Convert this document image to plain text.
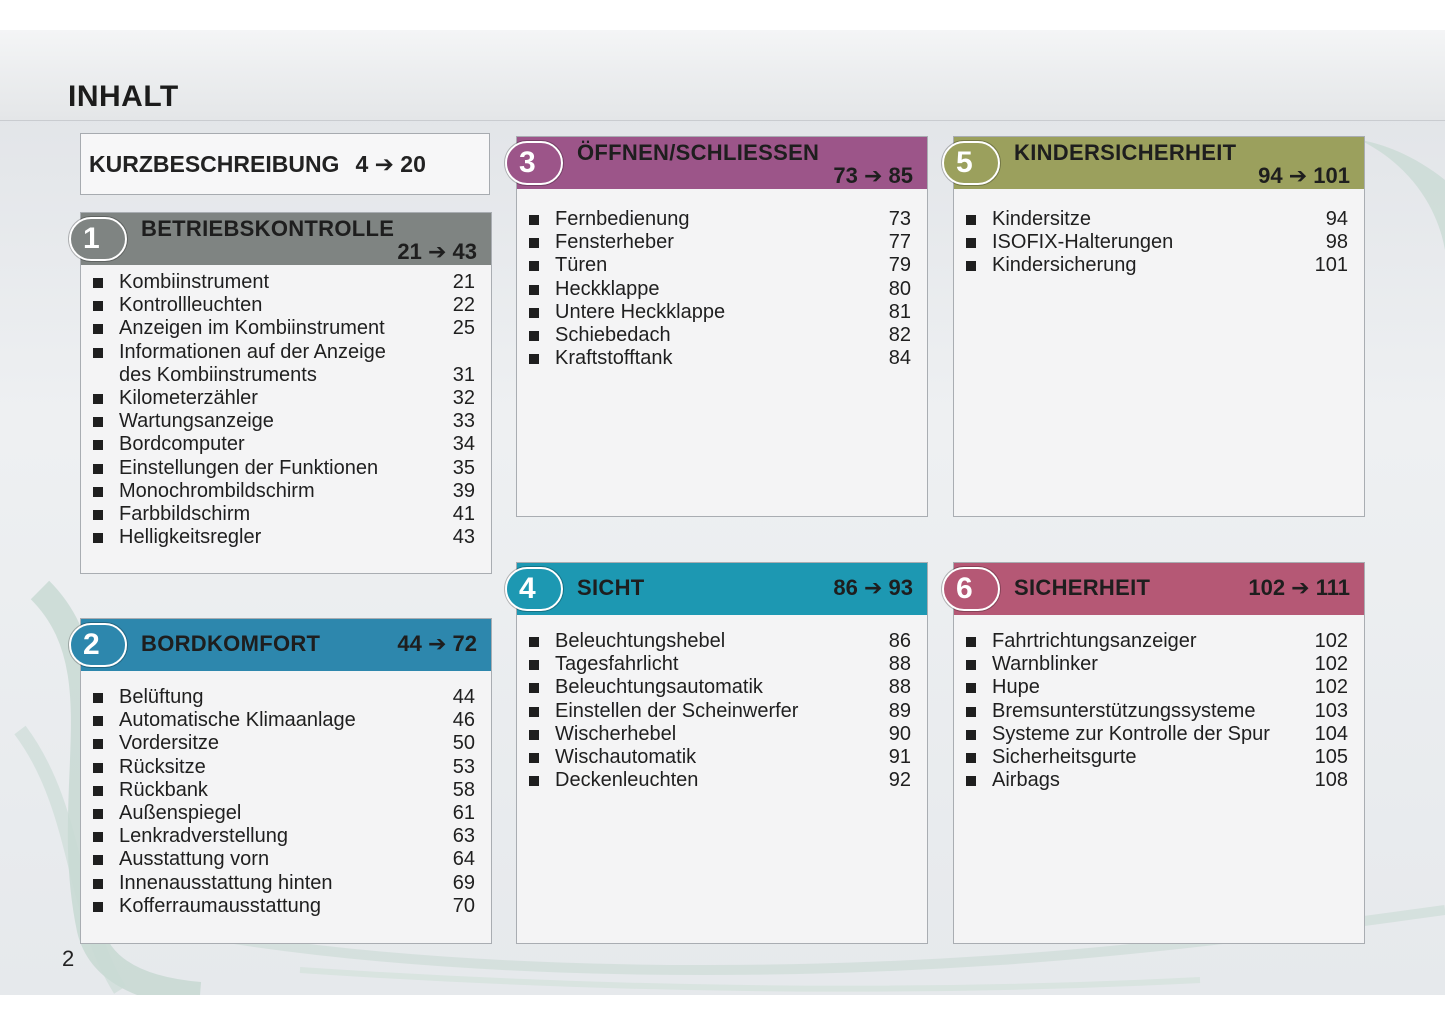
INHALT
KURZBESCHREIBUNG 4 ➔ 20
1	BETRIEBSKONTROLLE
21 ➔ 43
Kombiinstrument	21
Kontrollleuchten	22
Anzeigen im Kombiinstrument	25
Informationen auf der Anzeige
des Kombiinstruments	31
Kilometerzähler	32
Wartungsanzeige	33
Bordcomputer	34
Einstellungen der Funktionen	35
Monochrombildschirm	39
Farbbildschirm	41
Helligkeitsregler	43
2	BORDKOMFORT	44 ➔ 72
Belüftung	44
Automatische Klimaanlage	46
Vordersitze	50
Rücksitze	53
Rückbank	58
Außenspiegel	61
Lenkradverstellung	63
Ausstattung vorn	64
Innenausstattung hinten	69
Kofferraumausstattung	70
3	ÖFFNEN/SCHLIESSEN
73 ➔ 85
Fernbedienung	73
Fensterheber	77
Türen	79
Heckklappe	80
Untere Heckklappe	81
Schiebedach	82
Kraftstofftank	84
4	SICHT	86 ➔ 93
Beleuchtungshebel	86
Tagesfahrlicht	88
Beleuchtungsautomatik	88
Einstellen der Scheinwerfer	89
Wischerhebel	90
Wischautomatik	91
Deckenleuchten	92
5	KINDERSICHERHEIT
94 ➔ 101
Kindersitze	94
ISOFIX-Halterungen	98
Kindersicherung	101
6	SICHERHEIT	102 ➔ 111
Fahrtrichtungsanzeiger	102
Warnblinker	102
Hupe	102
Bremsunterstützungssysteme	103
Systeme zur Kontrolle der Spur	104
Sicherheitsgurte	105
Airbags	108
2
